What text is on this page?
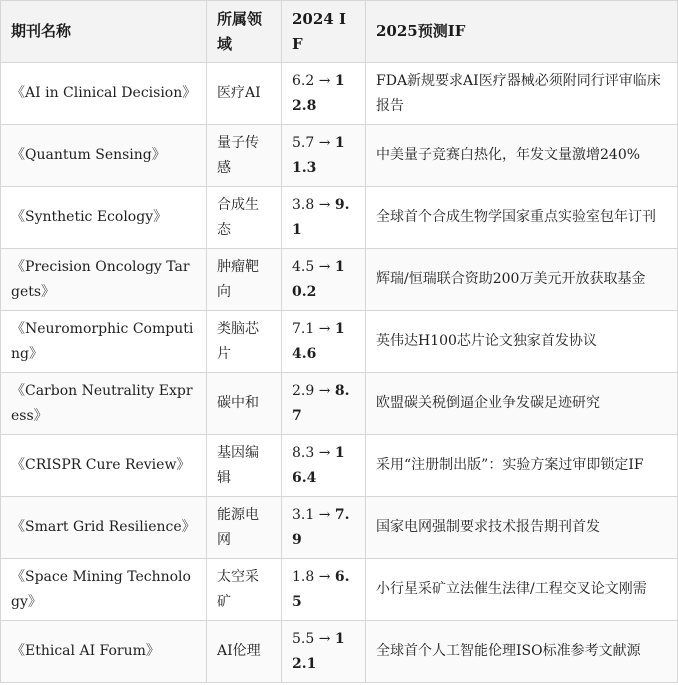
期刊名称	所属领域	2024 IF	2025预测IF
《AI in Clinical Decision》	医疗AI	6.2 → 12.8	FDA新规要求AI医疗器械必须附同行评审临床报告
《Quantum Sensing》	量子传感	5.7 → 11.3	中美量子竞赛白热化，年发文量激增240%
《Synthetic Ecology》	合成生态	3.8 → 9.1	全球首个合成生物学国家重点实验室包年订刊
《Precision Oncology Targets》	肿瘤靶向	4.5 → 10.2	辉瑞/恒瑞联合资助200万美元开放获取基金
《Neuromorphic Computing》	类脑芯片	7.1 → 14.6	英伟达H100芯片论文独家首发协议
《Carbon Neutrality Express》	碳中和	2.9 → 8.7	欧盟碳关税倒逼企业争发碳足迹研究
《CRISPR Cure Review》	基因编辑	8.3 → 16.4	采用“注册制出版”：实验方案过审即锁定IF
《Smart Grid Resilience》	能源电网	3.1 → 7.9	国家电网强制要求技术报告期刊首发
《Space Mining Technology》	太空采矿	1.8 → 6.5	小行星采矿立法催生法律/工程交叉论文刚需
《Ethical AI Forum》	AI伦理	5.5 → 12.1	全球首个人工智能伦理ISO标准参考文献源
